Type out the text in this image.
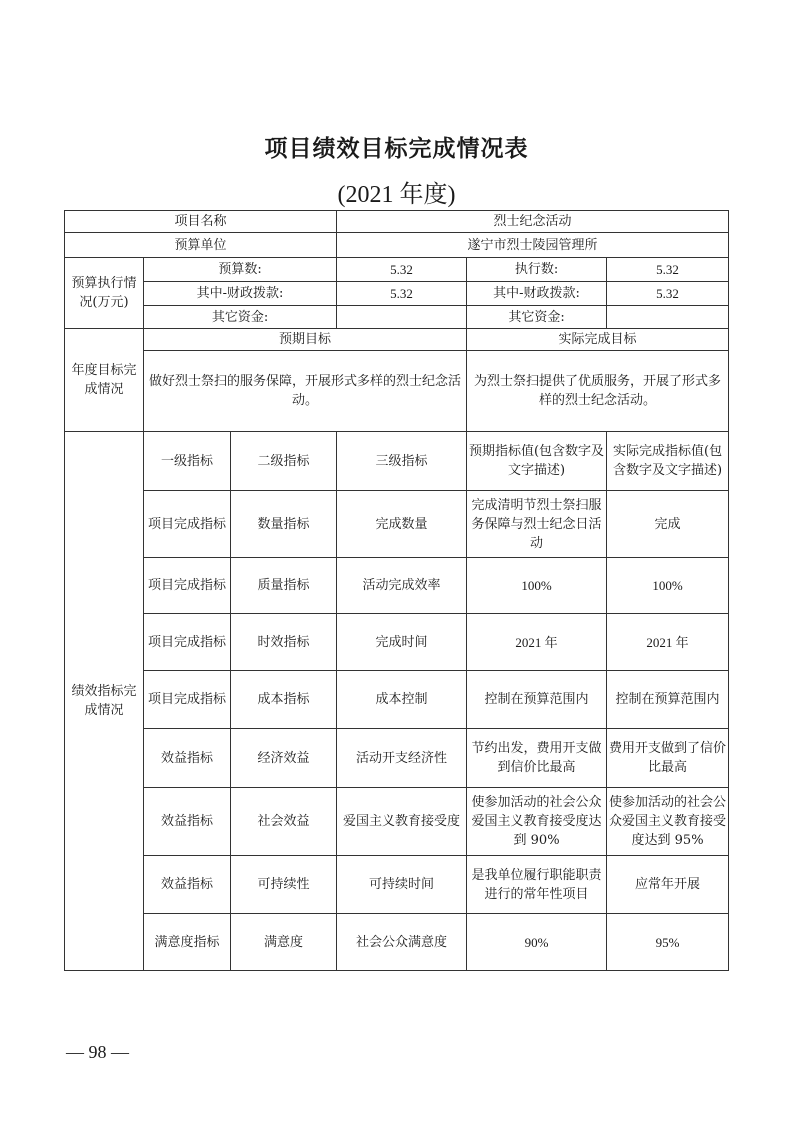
项目绩效目标完成情况表
(2021 年度)
项目名称			烈士纪念活动		
预算单位			遂宁市烈士陵园管理所		
预算执行情况(万元)	预算数:		5.32	执行数:	5.32
	其中-财政拨款:		5.32	其中-财政拨款:	5.32
	其它资金:			其它资金:	
年度目标完成情况	预期目标			实际完成目标	
	做好烈士祭扫的服务保障，开展形式多样的烈士纪念活动。			为烈士祭扫提供了优质服务，开展了形式多样的烈士纪念活动。	
绩效指标完成情况	一级指标	二级指标	三级指标	预期指标值(包含数字及文字描述)	实际完成指标值(包含数字及文字描述)
	项目完成指标	数量指标	完成数量	完成清明节烈士祭扫服务保障与烈士纪念日活动	完成
	项目完成指标	质量指标	活动完成效率	100%	100%
	项目完成指标	时效指标	完成时间	2021 年	2021 年
	项目完成指标	成本指标	成本控制	控制在预算范围内	控制在预算范围内
	效益指标	经济效益	活动开支经济性	节约出发，费用开支做到信价比最高	费用开支做到了信价比最高
	效益指标	社会效益	爱国主义教育接受度	使参加活动的社会公众爱国主义教育接受度达到 90%	使参加活动的社会公众爱国主义教育接受度达到 95%
	效益指标	可持续性	可持续时间	是我单位履行职能职责进行的常年性项目	应常年开展
	满意度指标	满意度	社会公众满意度	90%	95%
— 98 —
